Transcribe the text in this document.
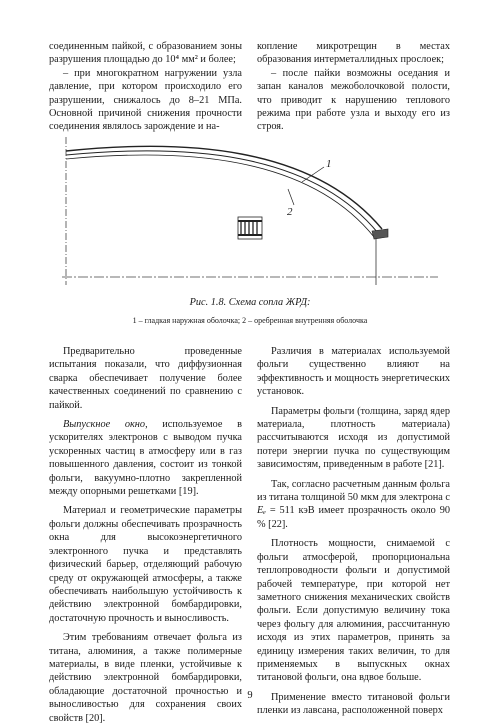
соединенным пайкой, с образованием зоны разрушения площадью до 10⁴ мм² и более;

– при многократном нагружении узла давление, при котором происходило его разрушении, снижалось до 8–21 МПа. Основной причиной снижения прочности соединения являлось зарождение и на-

копление микротрещин в местах образования интерметаллидных прослоек;

– после пайки возможны оседания и запан каналов межоболочковой полости, что приводит к нарушению теплового режима при работе узла и выходу его из строя.

1
2
Рис. 1.8. Схема сопла ЖРД:
1 – гладкая наружная оболочка; 2 – оребренная внутренняя оболочка

Предварительно проведенные испытания показали, что диффузионная сварка обеспечивает получение более качественных соединений по сравнению с пайкой.

Выпускное окно, используемое в ускорителях электронов с выводом пучка ускоренных частиц в атмосферу или в газ повышенного давления, состоит из тонкой фольги, вакуумно-плотно закрепленной между опорными решетками [19].

Материал и геометрические параметры фольги должны обеспечивать прозрачность окна для высокоэнергетичного электронного пучка и представлять физический барьер, отделяющий рабочую среду от окружающей атмосферы, а также обеспечивать наибольшую устойчивость к действию электронной бомбардировки, достаточную прочность и выносливость.

Этим требованиям отвечает фольга из титана, алюминия, а также полимерные материалы, в виде пленки, устойчивые к действию электронной бомбардировки, обладающие достаточной прочностью и выносливостью для сохранения своих свойств [20].

Различия в материалах используемой фольги существенно влияют на эффективность и мощность энергетических установок.

Параметры фольги (толщина, заряд ядер материала, плотность материала) рассчитываются исходя из допустимой потери энергии пучка по существующим зависимостям, приведенным в работе [21].

Так, согласно расчетным данным фольга из титана толщиной 50 мкм для электрона с Eₑ = 511 кэВ имеет прозрачность около 90 % [22].

Плотность мощности, снимаемой с фольги атмосферой, пропорциональна теплопроводности фольги и допустимой рабочей температуре, при которой нет заметного снижения механических свойств фольги. Если допустимую величину тока через фольгу для алюминия, рассчитанную исходя из этих параметров, принять за единицу измерения таких величин, то для применяемых в выпускных окнах титановой фольги, она вдвое больше.

Применение вместо титановой фольги пленки из лавсана, расположенной поверх

9
